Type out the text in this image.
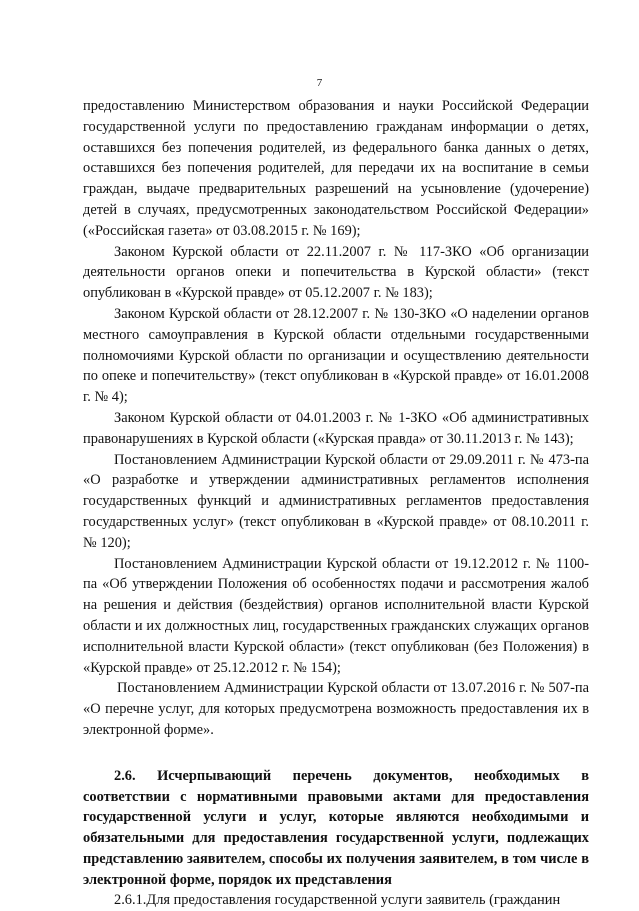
7

предоставлению Министерством образования и науки Российской Федерации государственной услуги по предоставлению гражданам информации о детях, оставшихся без попечения родителей, из федерального банка данных о детях, оставшихся без попечения родителей, для передачи их на воспитание в семьи граждан, выдаче предварительных разрешений на усыновление (удочерение) детей в случаях, предусмотренных законодательством Российской Федерации» («Российская газета» от 03.08.2015 г. № 169);

Законом Курской области от 22.11.2007 г. № 117-ЗКО «Об организации деятельности органов опеки и попечительства в Курской области» (текст опубликован в «Курской правде» от 05.12.2007 г. № 183);

Законом Курской области от 28.12.2007 г. № 130-ЗКО «О наделении органов местного самоуправления в Курской области отдельными государственными полномочиями Курской области по организации и осуществлению деятельности по опеке и попечительству» (текст опубликован в «Курской правде» от 16.01.2008 г. № 4);

Законом Курской области от 04.01.2003 г. № 1-ЗКО «Об административных правонарушениях в Курской области («Курская правда» от 30.11.2013 г. № 143);

Постановлением Администрации Курской области от 29.09.2011 г. № 473-па «О разработке и утверждении административных регламентов исполнения государственных функций и административных регламентов предоставления государственных услуг» (текст опубликован в «Курской правде» от 08.10.2011 г. № 120);

Постановлением Администрации Курской области от 19.12.2012 г. № 1100-па «Об утверждении Положения об особенностях подачи и рассмотрения жалоб на решения и действия (бездействия) органов исполнительной власти Курской области и их должностных лиц, государственных гражданских служащих органов исполнительной власти Курской области» (текст опубликован (без Положения) в «Курской правде» от 25.12.2012 г. № 154);

Постановлением Администрации Курской области от 13.07.2016 г. № 507-па «О перечне услуг, для которых предусмотрена возможность предоставления их в электронной форме».

2.6. Исчерпывающий перечень документов, необходимых в соответствии с нормативными правовыми актами для предоставления государственной услуги и услуг, которые являются необходимыми и обязательными для предоставления государственной услуги, подлежащих представлению заявителем, способы их получения заявителем, в том числе в электронной форме, порядок их представления

2.6.1.Для предоставления государственной услуги заявитель (гражданин
